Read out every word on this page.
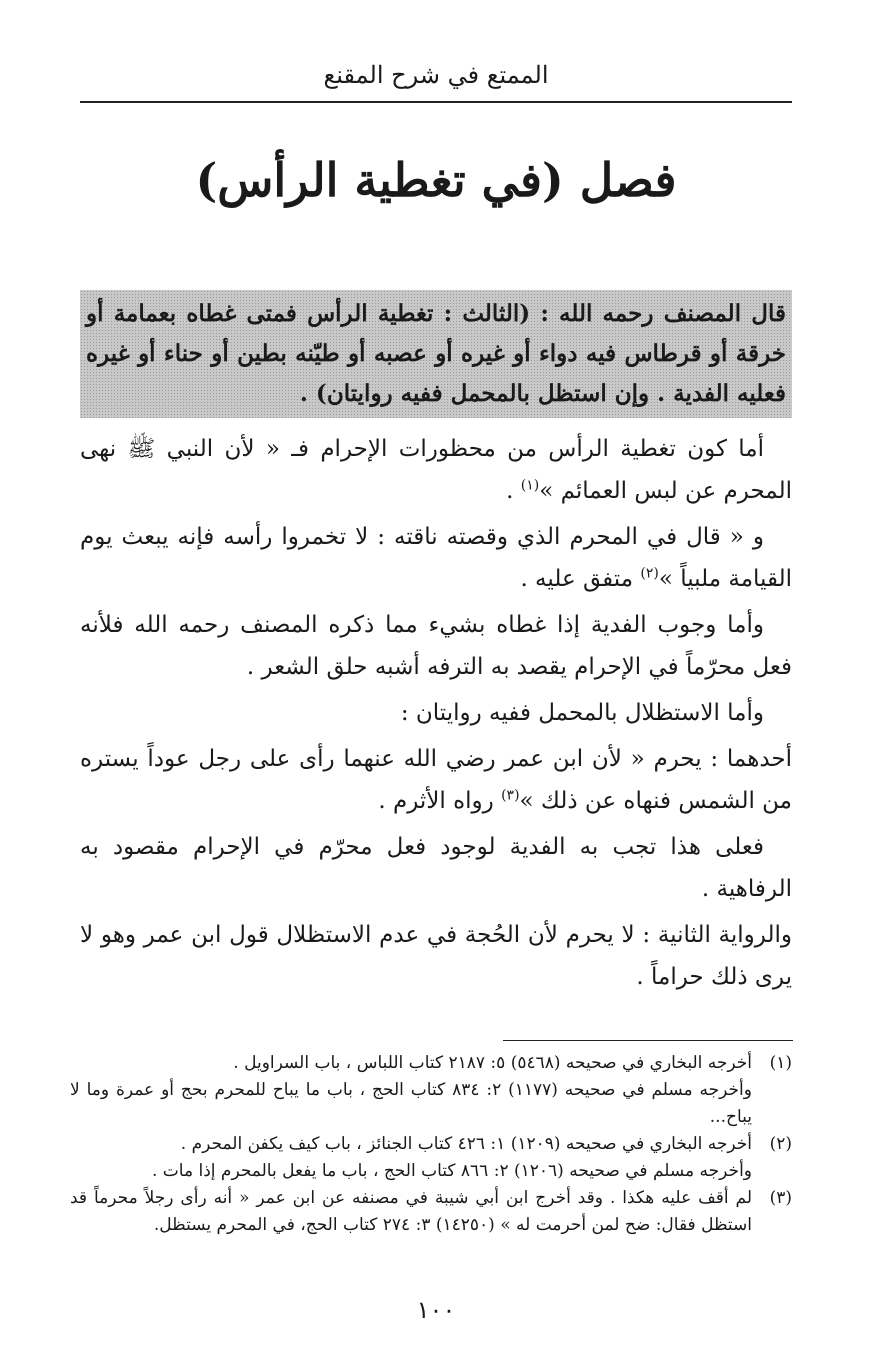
الممتع في شرح المقنع
فصل (في تغطية الرأس)
قال المصنف رحمه الله : (الثالث : تغطية الرأس فمتى غطاه بعمامة أو خرقة أو قرطاس فيه دواء أو غيره أو عصبه أو طيّنه بطين أو حناء أو غيره فعليه الفدية . وإن استظل بالمحمل ففيه روايتان) .

أما كون تغطية الرأس من محظورات الإحرام فـ « لأن النبي ﷺ نهى المحرم عن لبس العمائم »$^{(١)}$ .

و « قال في المحرم الذي وقصته ناقته : لا تخمروا رأسه فإنه يبعث يوم القيامة ملبياً »$^{(٢)}$ متفق عليه .

وأما وجوب الفدية إذا غطاه بشيء مما ذكره المصنف رحمه الله فلأنه فعل محرّماً في الإحرام يقصد به الترفه أشبه حلق الشعر .

وأما الاستظلال بالمحمل ففيه روايتان :

أحدهما : يحرم « لأن ابن عمر رضي الله عنهما رأى على رجل عوداً يستره من الشمس فنهاه عن ذلك »$^{(٣)}$ رواه الأثرم .

فعلى هذا تجب به الفدية لوجود فعل محرّم في الإحرام مقصود به الرفاهية .

والرواية الثانية : لا يحرم لأن الحُجة في عدم الاستظلال قول ابن عمر وهو لا يرى ذلك حراماً .

(١)
أخرجه البخاري في صحيحه (٥٤٦٨) ٥: ٢١٨٧ كتاب اللباس ، باب السراويل .
وأخرجه مسلم في صحيحه (١١٧٧) ٢: ٨٣٤ كتاب الحج ، باب ما يباح للمحرم بحج أو عمرة وما لا يباح...
(٢)
أخرجه البخاري في صحيحه (١٢٠٩) ١: ٤٢٦ كتاب الجنائز ، باب كيف يكفن المحرم .
وأخرجه مسلم في صحيحه (١٢٠٦) ٢: ٨٦٦ كتاب الحج ، باب ما يفعل بالمحرم إذا مات .
(٣)
لم أقف عليه هكذا . وقد أخرج ابن أبي شيبة في مصنفه عن ابن عمر « أنه رأى رجلاً محرماً قد استظل فقال: ضح لمن أحرمت له » (١٤٢٥٠) ٣: ٢٧٤ كتاب الحج، في المحرم يستظل.
١٠٠
